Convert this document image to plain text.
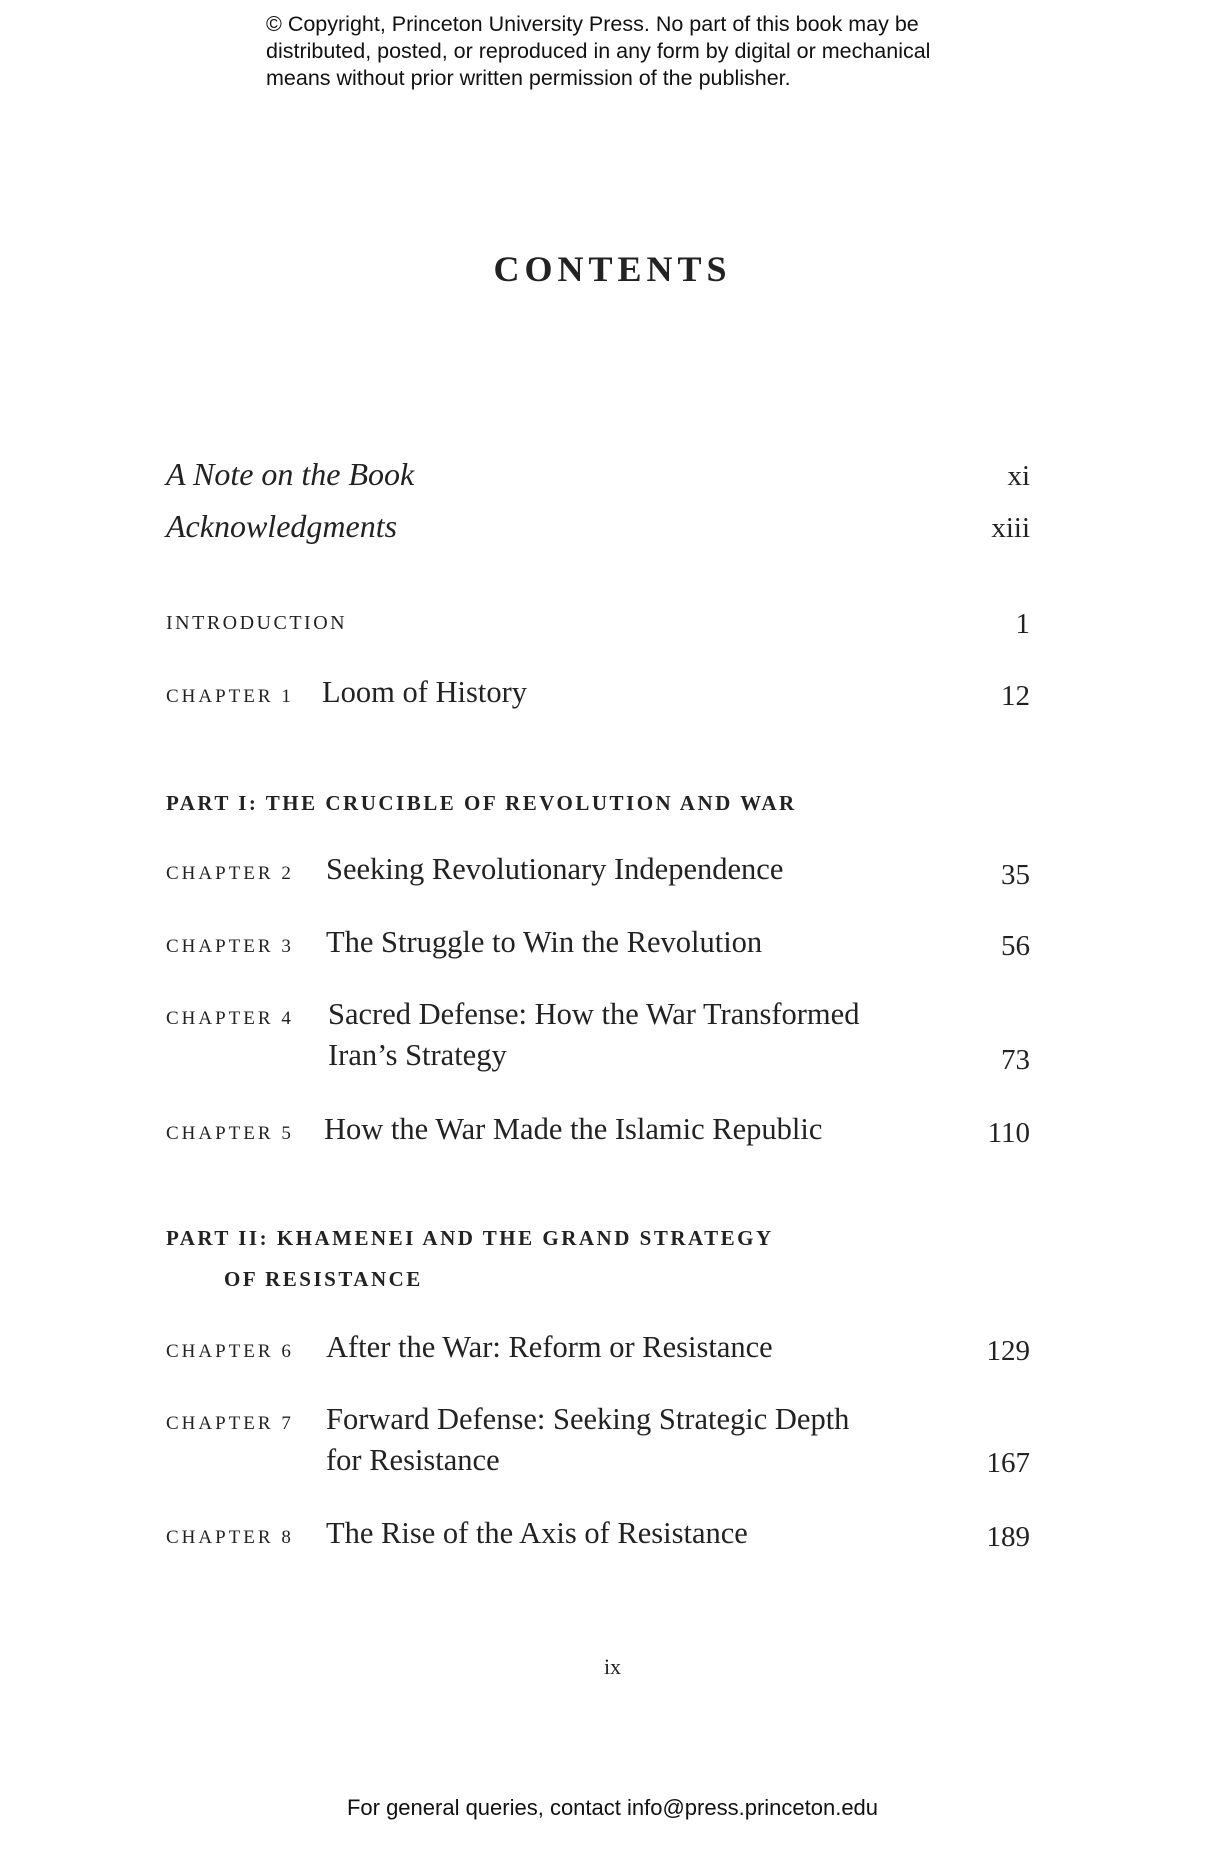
© Copyright, Princeton University Press. No part of this book may be
distributed, posted, or reproduced in any form by digital or mechanical
means without prior written permission of the publisher.
CONTENTS
A Note on the Book	xi
Acknowledgments	xiii
INTRODUCTION	1
CHAPTER 1 Loom of History	12
PART I: THE CRUCIBLE OF REVOLUTION AND WAR
CHAPTER 2 Seeking Revolutionary Independence	35
CHAPTER 3 The Struggle to Win the Revolution	56
CHAPTER 4 Sacred Defense: How the War Transformed
Iran’s Strategy	73
CHAPTER 5 How the War Made the Islamic Republic	110
PART II: KHAMENEI AND THE GRAND STRATEGY
OF RESISTANCE
CHAPTER 6 After the War: Reform or Resistance	129
CHAPTER 7 Forward Defense: Seeking Strategic Depth
for Resistance	167
CHAPTER 8 The Rise of the Axis of Resistance	189
ix
For general queries, contact info@press.princeton.edu
